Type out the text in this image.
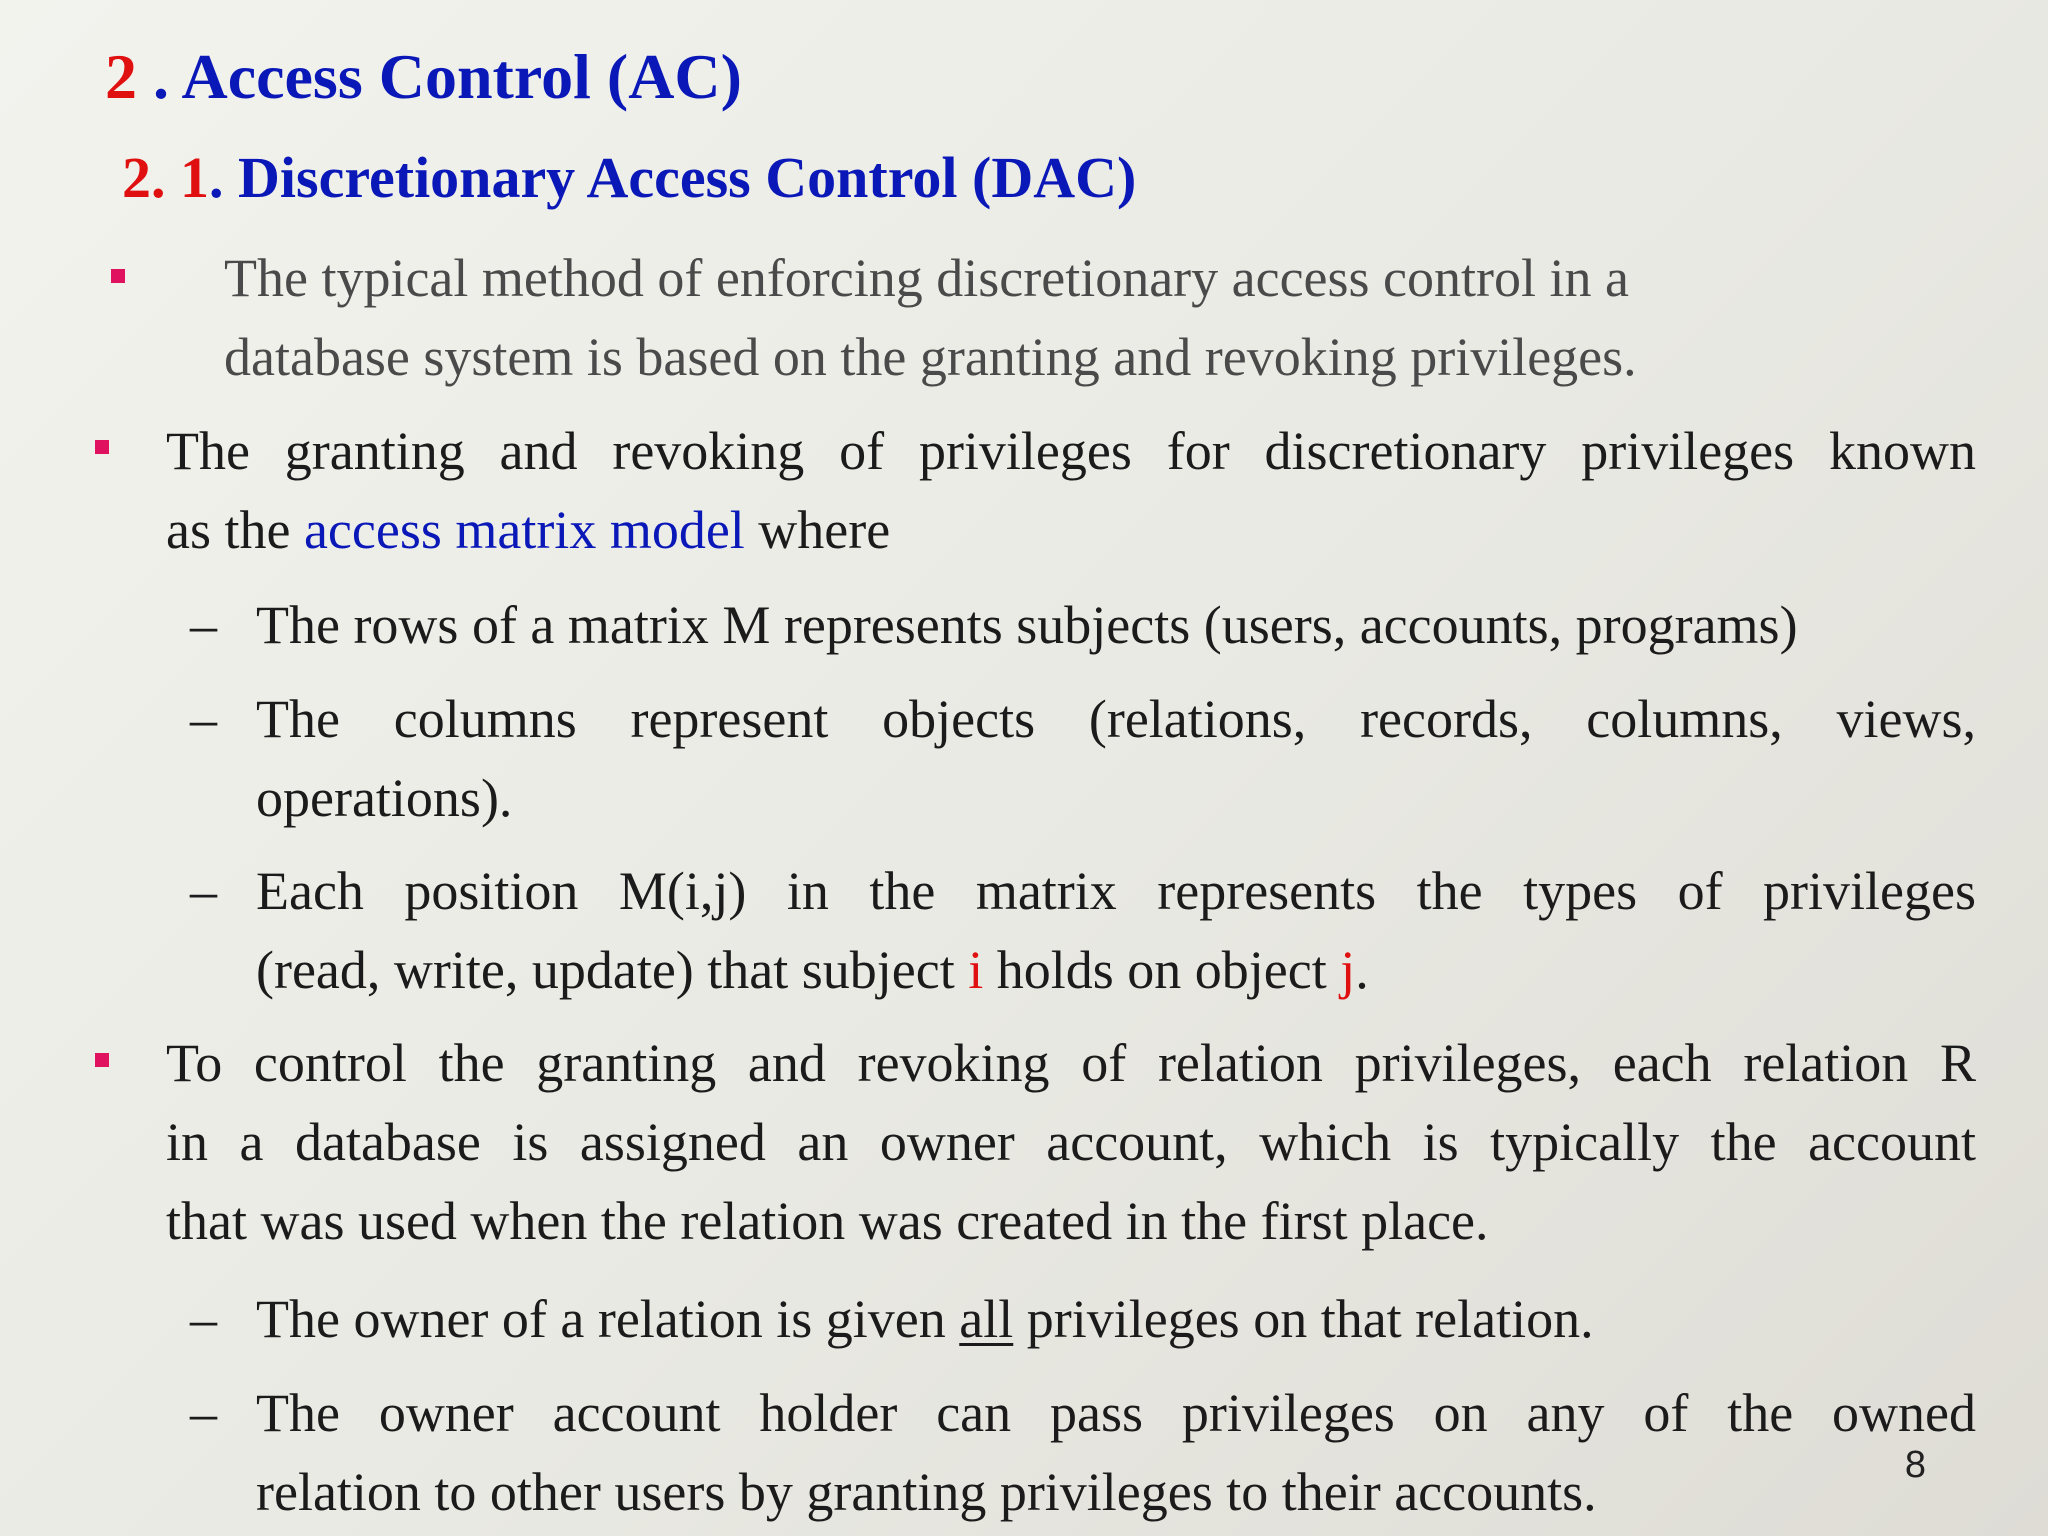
2 . Access Control (AC)
2. 1. Discretionary Access Control (DAC)
The typical method of enforcing discretionary access control in a
database system is based on the granting and revoking privileges.
The granting and revoking of privileges for discretionary privileges known
as the access matrix model where
– The rows of a matrix M represents subjects (users, accounts, programs)
– The columns represent objects (relations, records, columns, views,
operations).
– Each position M(i,j) in the matrix represents the types of privileges
(read, write, update) that subject i holds on object j.
To control the granting and revoking of relation privileges, each relation R
in a database is assigned an owner account, which is typically the account
that was used when the relation was created in the first place.
– The owner of a relation is given all privileges on that relation.
– The owner account holder can pass privileges on any of the owned
relation to other users by granting privileges to their accounts.	8
